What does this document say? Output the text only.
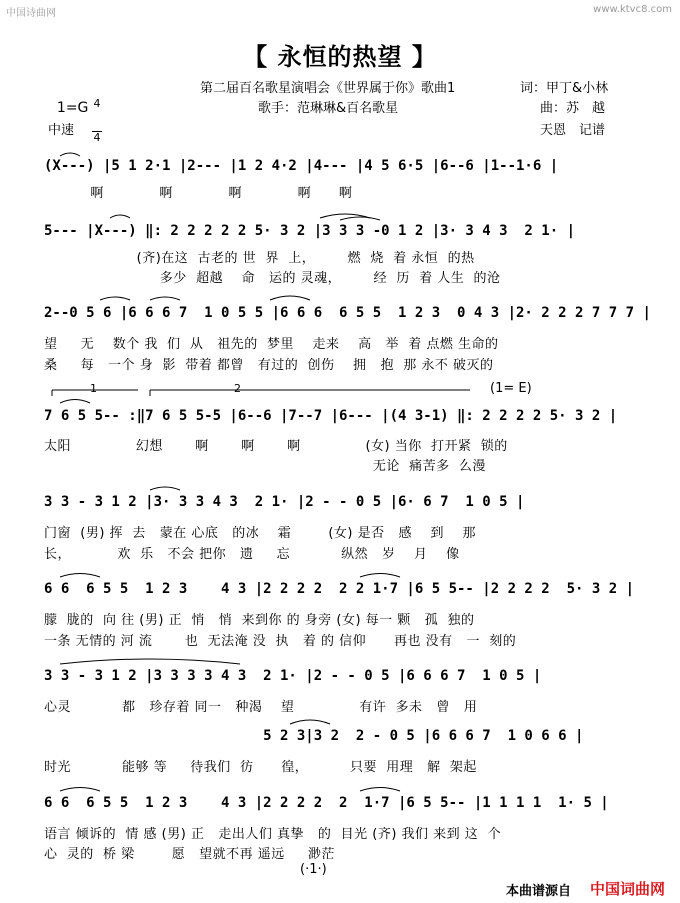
中国诗曲网	www.ktvc8.com
【 永恒的热望 】

1=G

4

4

中速
第二届百名歌星演唱会《世界属于你》歌曲1
歌手：范琳琳&百名歌星
词：甲丁&小林
曲：苏　越
天恩　记谱
(X---) |5 1 2·1 |2--- |1 2 4·2 |4--- |4 5 6·5 |6--6 |1--1·6 |
啊            啊            啊            啊      啊
5--- |X---) ‖: 2 2 2 2 2 5· 3 2 |3 3 3 -0 1 2 |3· 3 4 3  2 1· |
(齐)在这  古老的 世  界  上，       燃  烧  着 永恒  的热
多少  超越    命   运的 灵魂，       经  历  着 人生  的沧
2--0 5 6 |6 6 6 7  1 0 5 5 |6 6 6  6 5 5  1 2 3  0 4 3 |2· 2 2 2 7 7 7 |
望     无    数个 我  们  从   祖先的  梦里    走来    高   举  着 点燃 生命的
桑     每   一个 身  影  带着 都曾   有过的  创伤    拥   抱  那 永不 破灭的
1	2	(1= E)
7 6 5 5-- :‖7 6 5 5-5 |6--6 |7--7 |6--- |(4 3-1) ‖: 2 2 2 2 5· 3 2 |
太阳              幻想       啊       啊       啊              (女) 当你  打开紧  锁的
无论  痛苦多  么漫
3 3 - 3 1 2 |3· 3 3 4 3  2 1· |2 - - 0 5 |6· 6 7  1 0 5 |
门窗  (男) 挥  去   蒙在 心底   的冰    霜        (女) 是否   感    到    那
长，          欢  乐   不会 把你   遗     忘           纵然   岁    月    像
6 6  6 5 5  1 2 3    4 3 |2 2 2 2  2 2 1·7 |6 5 5-- |2 2 2 2  5· 3 2 |
朦  胧的  向 往 (男) 正  悄   悄  来到你 的 身旁 (女) 每一 颗   孤  独的
一条 无情的 河 流       也  无法淹 没  执   着 的 信仰      再也 没有   一  刻的
3 3 - 3 1 2 |3 3 3 3 4 3  2 1· |2 - - 0 5 |6 6 6 7  1 0 5 |
心灵           都   珍存着 同一   种渴    望              有许  多未   曾   用
5 2 3|3 2  2 - 0 5 |6 6 6 7  1 0 6 6 |
时光           能够 等     待我们  彷      徨，         只要  用理   解  架起
6 6  6 5 5  1 2 3    4 3 |2 2 2 2  2  1·7 |6 5 5-- |1 1 1 1  1· 5 |
语言 倾诉的  情 感 (男) 正   走出人们 真挚   的  目光 (齐) 我们 来到 这  个
心  灵的  桥 梁        愿   望就不再 遥远     渺茫
(·1·)
本曲谱源自 中国词曲网
